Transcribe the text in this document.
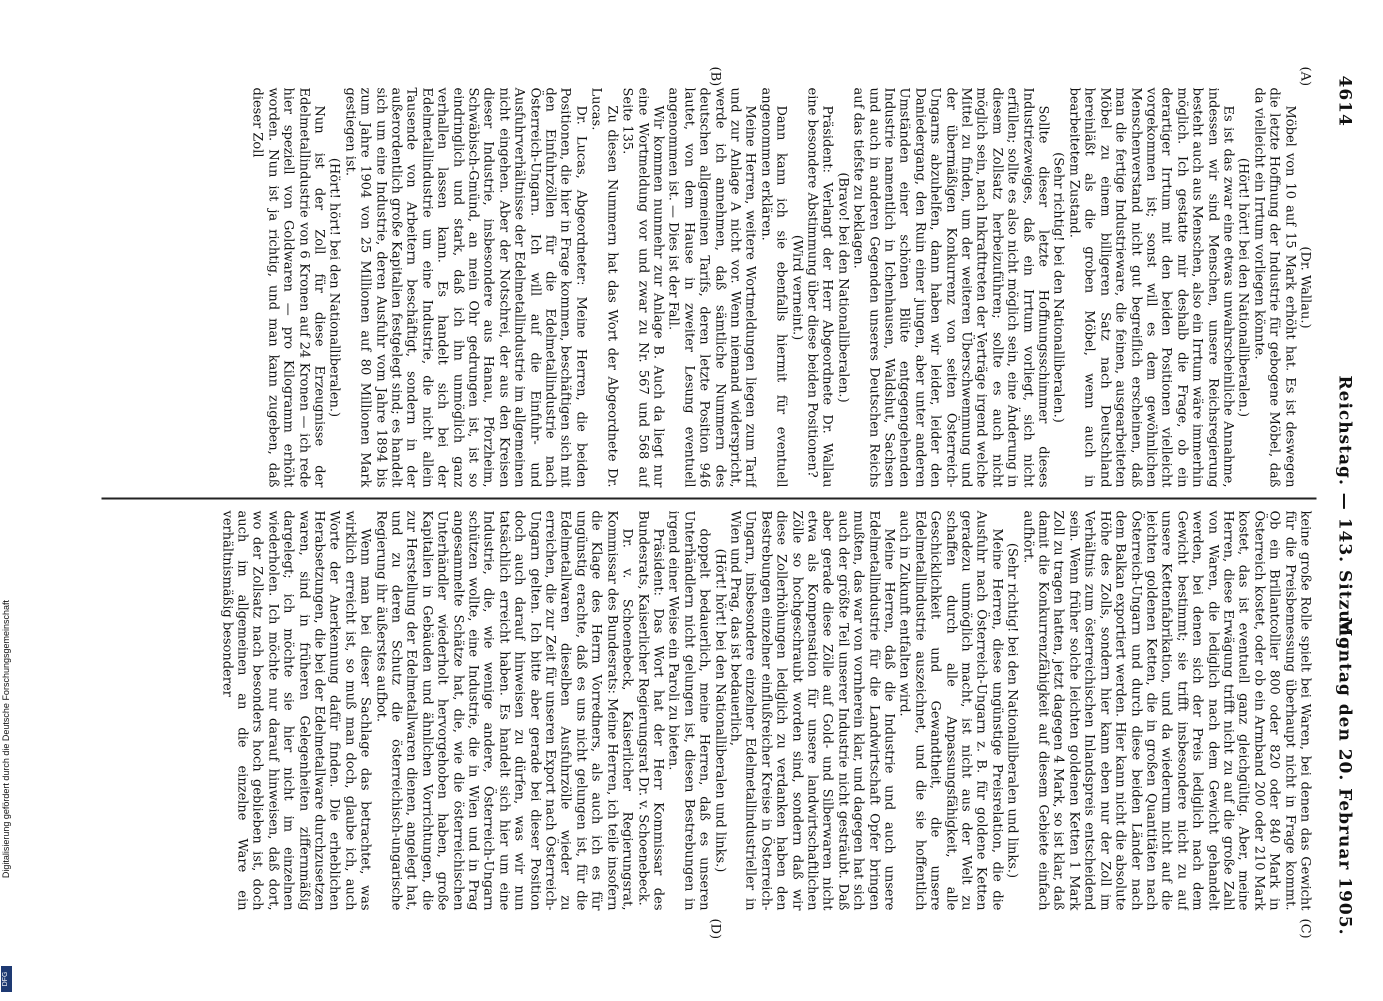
4614
Reichstag. — 143. Sitzung.
Montag den 20. Februar 1905.
(A)
(B)
(C)
(D)

(Dr. Wallau.)

Möbel von 10 auf 15 Mark erhöht hat. Es ist deswegen die letzte Hoffnung der Industrie für gebogene Möbel, daß da vielleicht ein Irrtum vorliegen könnte.

(Hört! hört! bei den Nationalliberalen.)

Es ist das zwar eine etwas unwahrscheinliche Annahme, indessen wir sind Menschen, unsere Reichsregierung besteht auch aus Menschen, also ein Irrtum wäre immerhin möglich. Ich gestatte mir deshalb die Frage, ob ein derartiger Irrtum mit den beiden Positionen vielleicht vorgekommen ist; sonst will es dem gewöhnlichen Menschenverstand nicht gut begreiflich erscheinen, daß man die fertige Industrieware, die feinen, ausgearbeiteten Möbel zu einem billigeren Satz nach Deutschland hereinläßt als die groben Möbel, wenn auch in bearbeitetem Zustand.

(Sehr richtig! bei den Nationalliberalen.)

Sollte dieser letzte Hoffnungsschimmer dieses Industriezweiges, daß ein Irrtum vorliegt, sich nicht erfüllen; sollte es also nicht möglich sein, eine Änderung in diesem Zollsatz herbeizuführen; sollte es auch nicht möglich sein, nach Inkrafttreten der Verträge irgend welche Mittel zu finden, um der weiteren Überschwemmung und der übermäßigen Konkurrenz von seiten Österreich-Ungarns abzuhelfen, dann haben wir leider, leider den Daniedergang, den Ruin einer jungen, aber unter anderen Umständen einer schönen Blüte entgegengehenden Industrie namentlich in Ichenhausen, Waldshut, Sachsen und auch in anderen Gegenden unseres Deutschen Reichs auf das tiefste zu beklagen.

(Bravo! bei den Nationalliberalen.)

Präsident: Verlangt der Herr Abgeordnete Dr. Wallau eine besondere Abstimmung über diese beiden Positionen?

(Wird verneint.)

Dann kann ich sie ebenfalls hiermit für eventuell angenommen erklären.

Meine Herren, weitere Wortmeldungen liegen zum Tarif und zur Anlage A nicht vor. Wenn niemand widerspricht, werde ich annehmen, daß sämtliche Nummern des deutschen allgemeinen Tarifs, deren letzte Position 946 lautet, von dem Hause in zweiter Lesung eventuell angenommen ist. — Dies ist der Fall.

Wir kommen nunmehr zur Anlage B. Auch da liegt nur eine Wortmeldung vor und zwar zu Nr. 567 und 568 auf Seite 135.

Zu diesen Nummern hat das Wort der Abgeordnete Dr. Lucas.

Dr. Lucas, Abgeordneter: Meine Herren, die beiden Positionen, die hier in Frage kommen, beschäftigen sich mit den Einfuhrzöllen für die Edelmetallindustrie nach Österreich-Ungarn. Ich will auf die Einfuhr- und Ausfuhrverhältnisse der Edelmetallindustrie im allgemeinen nicht eingehen. Aber der Notschrei, der aus den Kreisen dieser Industrie, insbesondere aus Hanau, Pforzheim, Schwäbisch-Gmünd, an mein Ohr gedrungen ist, ist so eindringlich und stark, daß ich ihn unmöglich ganz verhallen lassen kann. Es handelt sich bei der Edelmetallindustrie um eine Industrie, die nicht allein Tausende von Arbeitern beschäftigt, sondern in der außerordentlich große Kapitalien festgelegt sind; es handelt sich um eine Industrie, deren Ausfuhr vom Jahre 1894 bis zum Jahre 1904 von 25 Millionen auf 80 Millionen Mark gestiegen ist.

(Hört! hört! bei den Nationalliberalen.)

Nun ist der Zoll für diese Erzeugnisse der Edelmetallindustrie von 6 Kronen auf 24 Kronen — ich rede hier speziell von Goldwaren — pro Kilogramm erhöht worden. Nun ist ja richtig, und man kann zugeben, daß dieser Zoll

keine große Rolle spielt bei Waren, bei denen das Gewicht für die Preisbemessung überhaupt nicht in Frage kommt. Ob ein Brillantcollier 800 oder 820 oder 840 Mark in Österreich kostet, oder ob ein Armband 200 oder 210 Mark kostet, das ist eventuell ganz gleichgültig. Aber, meine Herren, diese Erwägung trifft nicht zu auf die große Zahl von Waren, die lediglich nach dem Gewicht gehandelt werden, bei denen sich der Preis lediglich nach dem Gewicht bestimmt; sie trifft insbesondere nicht zu auf unsere Kettenfabrikation, und da wiederum nicht auf die leichten goldenen Ketten, die in großen Quantitäten nach Österreich-Ungarn und durch diese beiden Länder nach dem Balkan exportiert werden. Hier kann nicht die absolute Höhe des Zolls, sondern hier kann eben nur der Zoll im Verhältnis zum österreichischen Inlandspreis entscheidend sein. Wenn früher solche leichten goldenen Ketten 1 Mark Zoll zu tragen hatten, jetzt dagegen 4 Mark, so ist klar, daß damit die Konkurrenzfähigkeit auf diesem Gebiete einfach aufhört.

(Sehr richtig! bei den Nationalliberalen und links.)

Meine Herren, diese ungünstige Preisrelation, die die Ausfuhr nach Österreich-Ungarn z. B. für goldene Ketten geradezu unmöglich macht, ist nicht aus der Welt zu schaffen durch alle Anpassungsfähigkeit, alle Geschicklichkeit und Gewandtheit, die unsere Edelmetallindustrie auszeichnet, und die sie hoffentlich auch in Zukunft entfalten wird.

Meine Herren, daß die Industrie und auch unsere Edelmetallindustrie für die Landwirtschaft Opfer bringen mußten, das war von vornherein klar, und dagegen hat sich auch der größte Teil unserer Industrie nicht gesträubt. Daß aber gerade diese Zölle auf Gold- und Silberwaren nicht etwa als Kompensation für unsere landwirtschaftlichen Zölle so hochgeschraubt worden sind, sondern daß wir diese Zollerhöhungen lediglich zu verdanken haben den Bestrebungen einzelner einflußreicher Kreise in Österreich-Ungarn, insbesondere einzelner Edelmetallindustrieller in Wien und Prag, das ist bedauerlich,

(Hört! hört! bei den Nationalliberalen und links.)

doppelt bedauerlich, meine Herren, daß es unseren Unterhändlern nicht gelungen ist, diesen Bestrebungen in irgend einer Weise ein Paroli zu bieten.

Präsident: Das Wort hat der Herr Kommissar des Bundesrats, Kaiserlicher Regierungsrat Dr. v. Schoenebeck.

Dr. v. Schoenebeck, Kaiserlicher Regierungsrat, Kommissar des Bundesrats: Meine Herren, ich teile insofern die Klage des Herrn Vorredners, als auch ich es für ungünstig erachte, daß es uns nicht gelungen ist, für die Edelmetallwaren dieselben Ausfuhrzölle wieder zu erreichen, die zur Zeit für unseren Export nach Österreich-Ungarn gelten. Ich bitte aber gerade bei dieser Position doch auch darauf hinweisen zu dürfen, was wir nun tatsächlich erreicht haben. Es handelt sich hier um eine Industrie, die, wie wenige andere, Österreich-Ungarn schützen wollte, eine Industrie, die in Wien und in Prag angesammelte Schätze hat, die, wie die österreichischen Unterhändler wiederholt hervorgehoben haben, große Kapitalien in Gebäuden und ähnlichen Vorrichtungen, die zur Herstellung der Edelmetallwaren dienen, angelegt hat, und zu deren Schutz die österreichisch-ungarische Regierung ihr äußerstes aufbot.

Wenn man bei dieser Sachlage das betrachtet, was wirklich erreicht ist, so muß man doch, glaube ich, auch Worte der Anerkennung dafür finden. Die erheblichen Herabsetzungen, die bei der Edelmetallware durchzusetzen waren, sind in früheren Gelegenheiten ziffernmäßig dargelegt; ich möchte sie hier nicht im einzelnen wiederholen. Ich möchte nur darauf hinweisen, daß dort, wo der Zollsatz nach besonders hoch geblieben ist, doch auch im allgemeinen an die einzelne Ware ein verhältnismäßig besonderer

Digitalisierung gefördert durch die Deutsche Forschungsgemeinschaft
DFG
